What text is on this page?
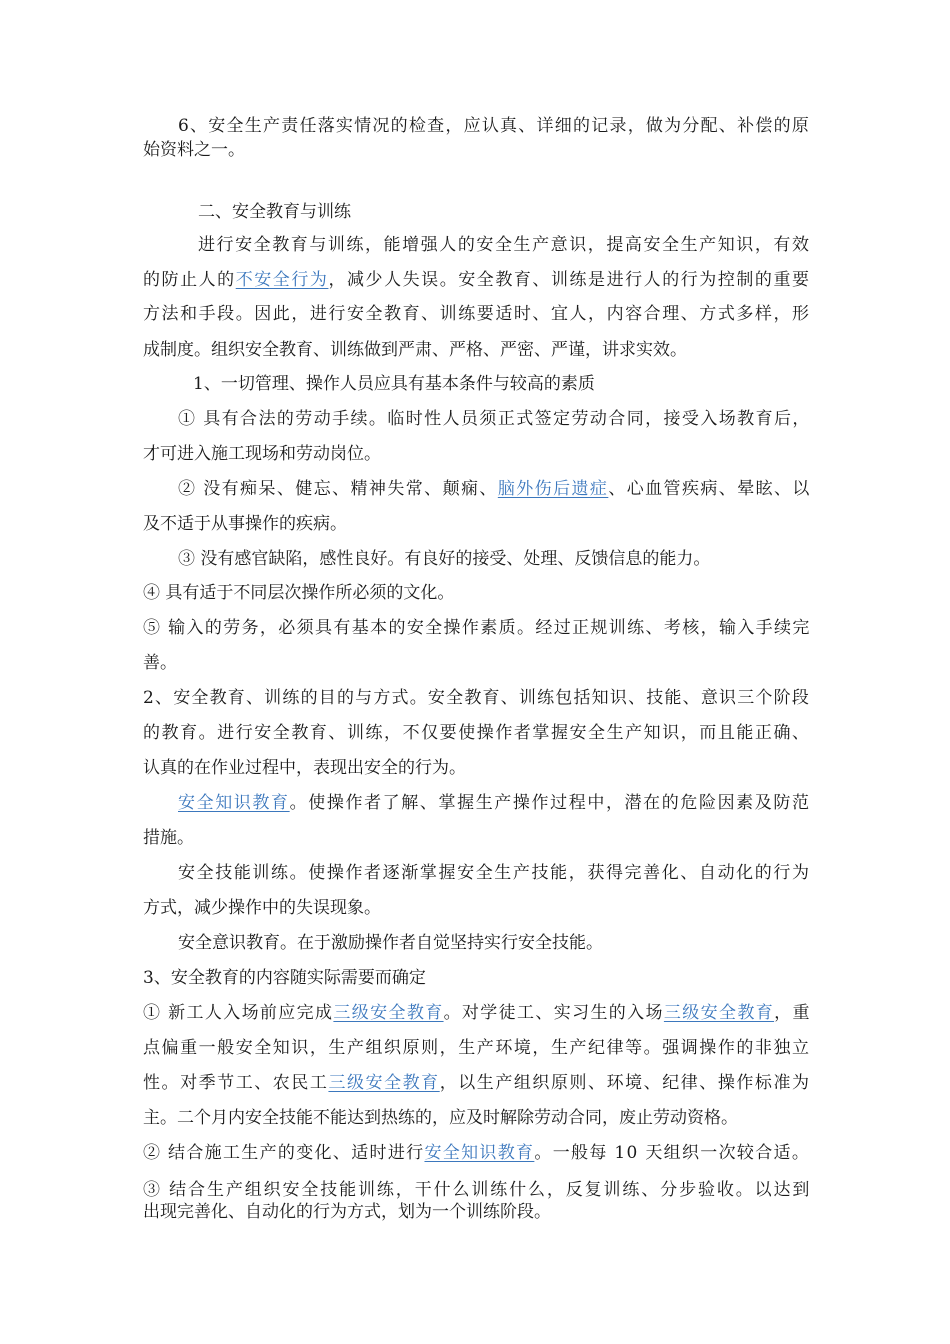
6、安全生产责任落实情况的检查，应认真、详细的记录，做为分配、补偿的原
始资料之一。
二、安全教育与训练
进行安全教育与训练，能增强人的安全生产意识，提高安全生产知识，有效
的防止人的不安全行为，减少人失误。安全教育、训练是进行人的行为控制的重要
方法和手段。因此，进行安全教育、训练要适时、宜人，内容合理、方式多样，形
成制度。组织安全教育、训练做到严肃、严格、严密、严谨，讲求实效。
1、一切管理、操作人员应具有基本条件与较高的素质
① 具有合法的劳动手续。临时性人员须正式签定劳动合同，接受入场教育后，
才可进入施工现场和劳动岗位。
② 没有痴呆、健忘、精神失常、颠痫、脑外伤后遗症、心血管疾病、晕眩、以
及不适于从事操作的疾病。
③ 没有感官缺陷，感性良好。有良好的接受、处理、反馈信息的能力。
④ 具有适于不同层次操作所必须的文化。
⑤ 输入的劳务，必须具有基本的安全操作素质。经过正规训练、考核，输入手续完
善。
2、安全教育、训练的目的与方式。安全教育、训练包括知识、技能、意识三个阶段
的教育。进行安全教育、训练，不仅要使操作者掌握安全生产知识，而且能正确、
认真的在作业过程中，表现出安全的行为。
安全知识教育。使操作者了解、掌握生产操作过程中，潜在的危险因素及防范
措施。
安全技能训练。使操作者逐渐掌握安全生产技能，获得完善化、自动化的行为
方式，减少操作中的失误现象。
安全意识教育。在于激励操作者自觉坚持实行安全技能。
3、安全教育的内容随实际需要而确定
① 新工人入场前应完成三级安全教育。对学徒工、实习生的入场三级安全教育，重
点偏重一般安全知识，生产组织原则，生产环境，生产纪律等。强调操作的非独立
性。对季节工、农民工三级安全教育，以生产组织原则、环境、纪律、操作标准为
主。二个月内安全技能不能达到热练的，应及时解除劳动合同，废止劳动资格。
② 结合施工生产的变化、适时进行安全知识教育。一般每 10 天组织一次较合适。
③ 结合生产组织安全技能训练，干什么训练什么，反复训练、分步验收。以达到
出现完善化、自动化的行为方式，划为一个训练阶段。
